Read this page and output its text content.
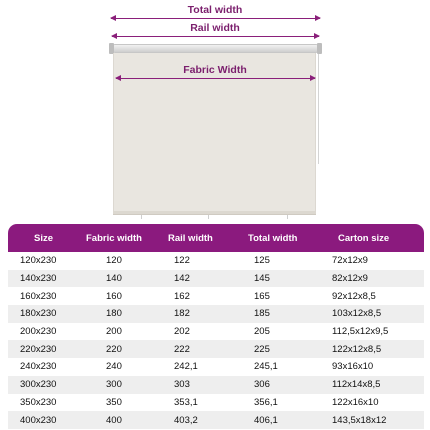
Total width
Rail width
Fabric Width
Size	Fabric width	Rail width	Total width	Carton size
120x230	120	122	125	72x12x9
140x230	140	142	145	82x12x9
160x230	160	162	165	92x12x8,5
180x230	180	182	185	103x12x8,5
200x230	200	202	205	112,5x12x9,5
220x230	220	222	225	122x12x8,5
240x230	240	242,1	245,1	93x16x10
300x230	300	303	306	112x14x8,5
350x230	350	353,1	356,1	122x16x10
400x230	400	403,2	406,1	143,5x18x12
